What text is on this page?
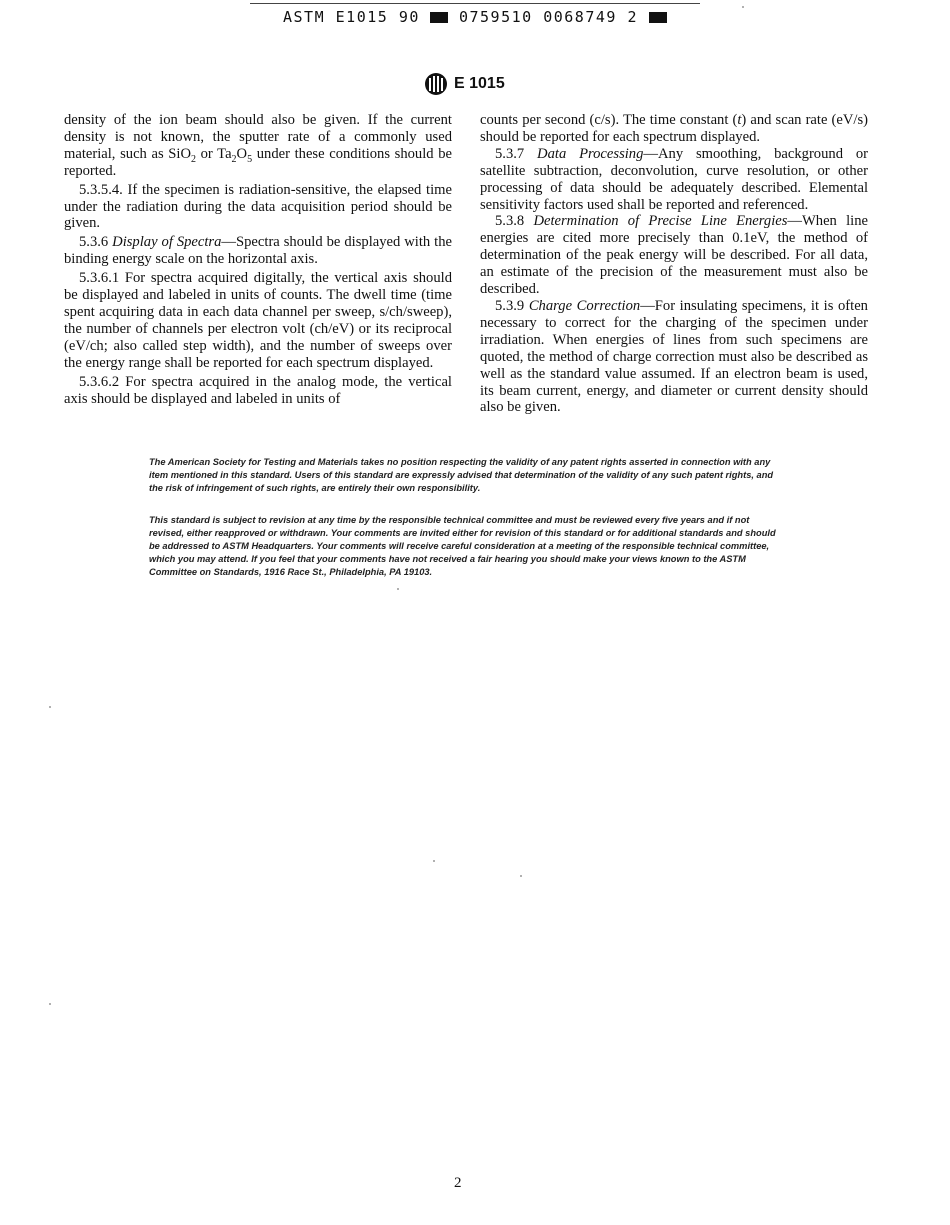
ASTM E1015 90	0759510 0068749 2
E 1015

density of the ion beam should also be given. If the current density is not known, the sputter rate of a commonly used material, such as SiO$_2$ or $Ta_2O_5$ under these conditions should be reported.

5.3.5.4. If the specimen is radiation-sensitive, the elapsed time under the radiation during the data acquisition period should be given.

5.3.6 Display of Spectra—Spectra should be displayed with the binding energy scale on the horizontal axis.

5.3.6.1 For spectra acquired digitally, the vertical axis should be displayed and labeled in units of counts. The dwell time (time spent acquiring data in each data channel per sweep, s/ch/sweep), the number of channels per electron volt (ch/eV) or its reciprocal (eV/ch; also called step width), and the number of sweeps over the energy range shall be reported for each spectrum displayed.

5.3.6.2 For spectra acquired in the analog mode, the vertical axis should be displayed and labeled in units of

counts per second (c/s). The time constant (t) and scan rate (eV/s) should be reported for each spectrum displayed.

5.3.7 Data Processing—Any smoothing, background or satellite subtraction, deconvolution, curve resolution, or other processing of data should be adequately described. Elemental sensitivity factors used shall be reported and referenced.

5.3.8 Determination of Precise Line Energies—When line energies are cited more precisely than 0.1eV, the method of determination of the peak energy will be described. For all data, an estimate of the precision of the measurement must also be described.

5.3.9 Charge Correction—For insulating specimens, it is often necessary to correct for the charging of the specimen under irradiation. When energies of lines from such specimens are quoted, the method of charge correction must also be described as well as the standard value assumed. If an electron beam is used, its beam current, energy, and diameter or current density should also be given.

The American Society for Testing and Materials takes no position respecting the validity of any patent rights asserted in connection with any item mentioned in this standard. Users of this standard are expressly advised that determination of the validity of any such patent rights, and the risk of infringement of such rights, are entirely their own responsibility.
This standard is subject to revision at any time by the responsible technical committee and must be reviewed every five years and if not revised, either reapproved or withdrawn. Your comments are invited either for revision of this standard or for additional standards and should be addressed to ASTM Headquarters. Your comments will receive careful consideration at a meeting of the responsible technical committee, which you may attend. If you feel that your comments have not received a fair hearing you should make your views known to the ASTM Committee on Standards, 1916 Race St., Philadelphia, PA 19103.
2
